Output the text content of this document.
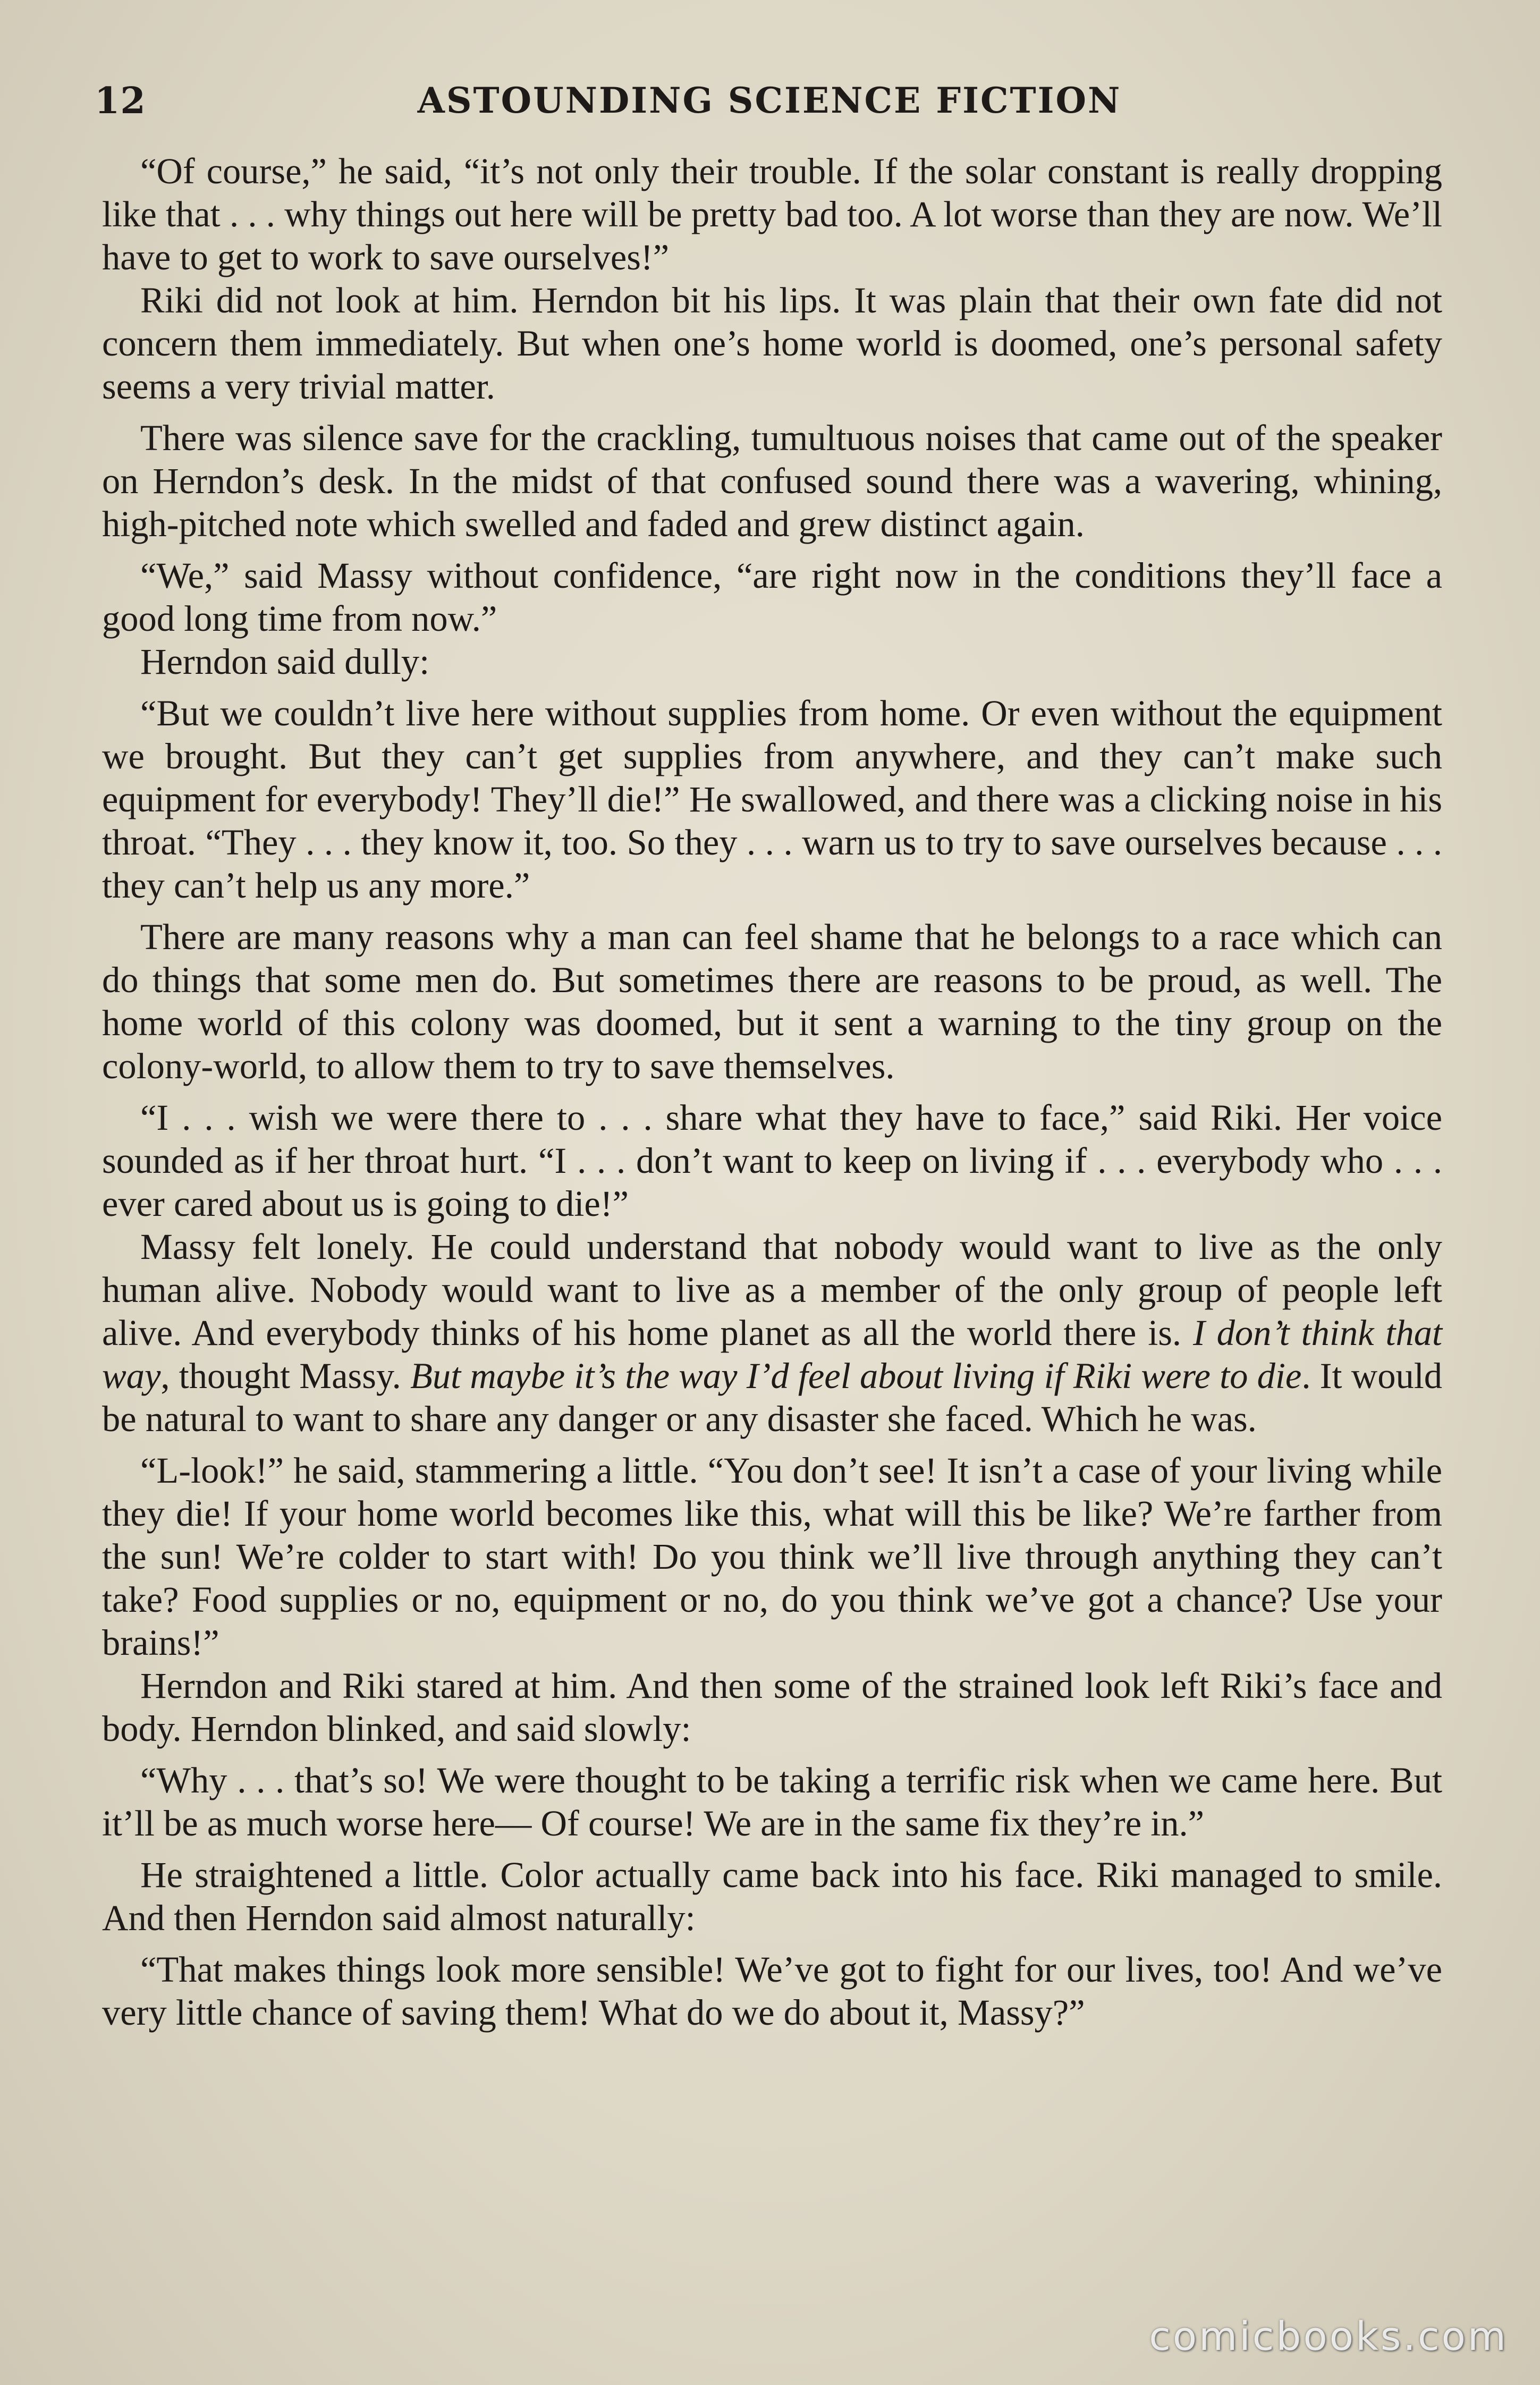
12	ASTOUNDING SCIENCE FICTION

“Of course,” he said, “it’s not only their trouble. If the solar constant is really dropping like that . . . why things out here will be pretty bad too. A lot worse than they are now. We’ll have to get to work to save ourselves!”

Riki did not look at him. Herndon bit his lips. It was plain that their own fate did not concern them immediately. But when one’s home world is doomed, one’s personal safety seems a very trivial matter.

There was silence save for the crackling, tumultuous noises that came out of the speaker on Herndon’s desk. In the midst of that confused sound there was a wavering, whining, high-pitched note which swelled and faded and grew distinct again.

“We,” said Massy without confidence, “are right now in the conditions they’ll face a good long time from now.”

Herndon said dully:

“But we couldn’t live here without supplies from home. Or even without the equipment we brought. But they can’t get supplies from anywhere, and they can’t make such equipment for everybody! They’ll die!” He swallowed, and there was a clicking noise in his throat. “They . . . they know it, too. So they . . . warn us to try to save ourselves because . . . they can’t help us any more.”

There are many reasons why a man can feel shame that he belongs to a race which can do things that some men do. But sometimes there are reasons to be proud, as well. The home world of this colony was doomed, but it sent a warning to the tiny group on the colony-world, to allow them to try to save themselves.

“I . . . wish we were there to . . . share what they have to face,” said Riki. Her voice sounded as if her throat hurt. “I . . . don’t want to keep on living if . . . everybody who . . . ever cared about us is going to die!”

Massy felt lonely. He could understand that nobody would want to live as the only human alive. Nobody would want to live as a member of the only group of people left alive. And everybody thinks of his home planet as all the world there is. I don’t think that way, thought Massy. But maybe it’s the way I’d feel about living if Riki were to die. It would be natural to want to share any danger or any disaster she faced. Which he was.

“L-look!” he said, stammering a little. “You don’t see! It isn’t a case of your living while they die! If your home world becomes like this, what will this be like? We’re farther from the sun! We’re colder to start with! Do you think we’ll live through anything they can’t take? Food supplies or no, equipment or no, do you think we’ve got a chance? Use your brains!”

Herndon and Riki stared at him. And then some of the strained look left Riki’s face and body. Herndon blinked, and said slowly:

“Why . . . that’s so! We were thought to be taking a terrific risk when we came here. But it’ll be as much worse here— Of course! We are in the same fix they’re in.”

He straightened a little. Color actually came back into his face. Riki managed to smile. And then Herndon said almost naturally:

“That makes things look more sensible! We’ve got to fight for our lives, too! And we’ve very little chance of saving them! What do we do about it, Massy?”

comicbooks.com
